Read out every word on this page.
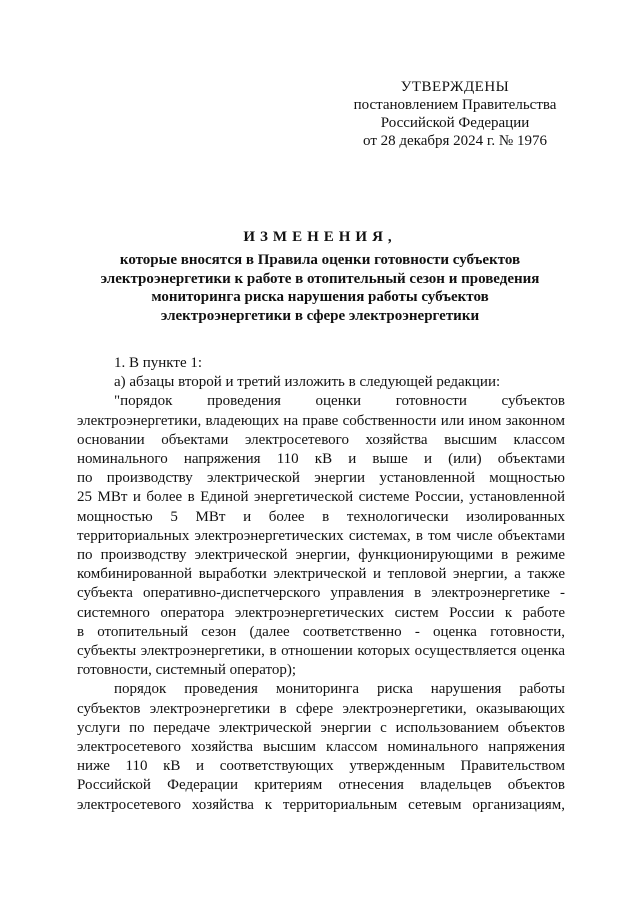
УТВЕРЖДЕНЫ
постановлением Правительства
Российской Федерации
от 28 декабря 2024 г. № 1976
ИЗМЕНЕНИЯ,
которые вносятся в Правила оценки готовности субъектов
электроэнергетики к работе в отопительный сезон и проведения
мониторинга риска нарушения работы субъектов
электроэнергетики в сфере электроэнергетики
1. В пункте 1:
а) абзацы второй и третий изложить в следующей редакции:
"порядок проведения оценки готовности субъектов
электроэнергетики, владеющих на праве собственности или ином законном
основании объектами электросетевого хозяйства высшим классом
номинального напряжения 110 кВ и выше и (или) объектами
по производству электрической энергии установленной мощностью
25 МВт и более в Единой энергетической системе России, установленной
мощностью 5 МВт и более в технологически изолированных
территориальных электроэнергетических системах, в том числе объектами
по производству электрической энергии, функционирующими в режиме
комбинированной выработки электрической и тепловой энергии, а также
субъекта оперативно-диспетчерского управления в электроэнергетике -
системного оператора электроэнергетических систем России к работе
в отопительный сезон (далее соответственно - оценка готовности,
субъекты электроэнергетики, в отношении которых осуществляется оценка
готовности, системный оператор);
порядок проведения мониторинга риска нарушения работы
субъектов электроэнергетики в сфере электроэнергетики, оказывающих
услуги по передаче электрической энергии с использованием объектов
электросетевого хозяйства высшим классом номинального напряжения
ниже 110 кВ и соответствующих утвержденным Правительством
Российской Федерации критериям отнесения владельцев объектов
электросетевого хозяйства к территориальным сетевым организациям,
